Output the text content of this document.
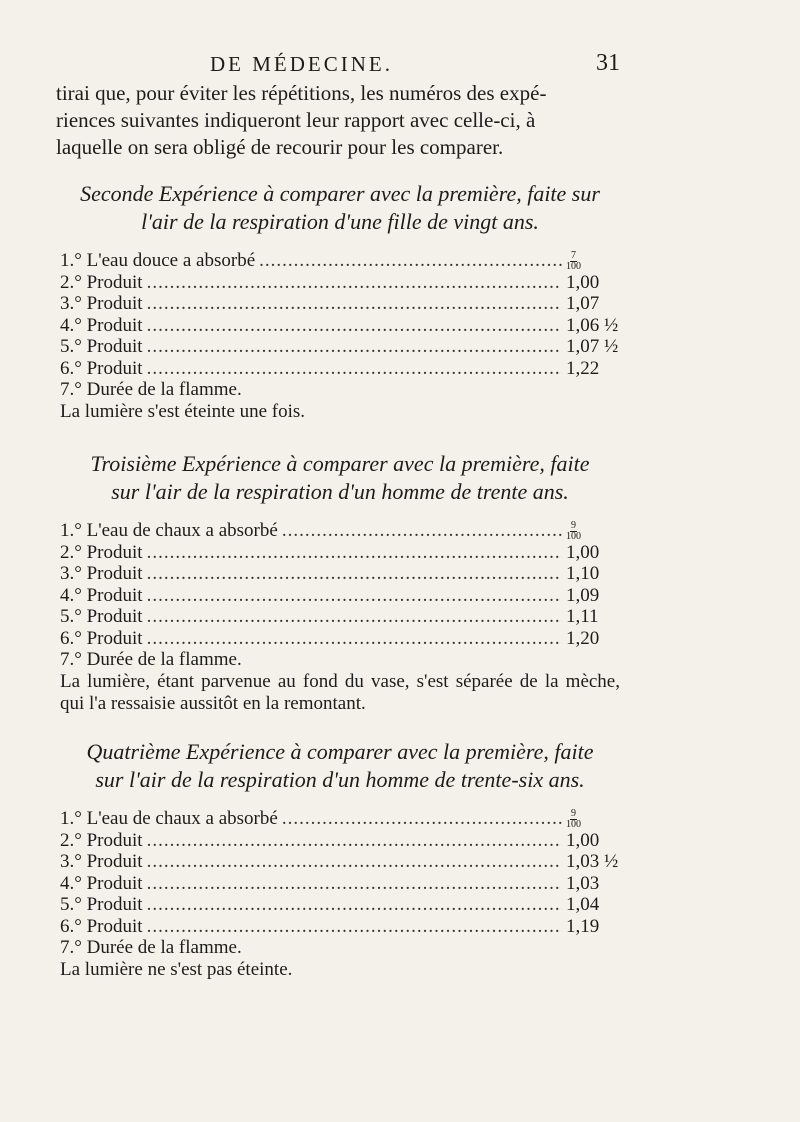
DE MÉDECINE.	31
tirai que, pour éviter les répétitions, les numéros des expé-
riences suivantes indiqueront leur rapport avec celle-ci, à
laquelle on sera obligé de recourir pour les comparer.
Seconde Expérience à comparer avec la première, faite sur
l'air de la respiration d'une fille de vingt ans.
1.° L'eau douce a absorbé .....	$\frac{7}{100}$
2.° Produit .....	1,00
3.° Produit .....	1,07
4.° Produit .....	1,06 ½
5.° Produit .....	1,07 ½
6.° Produit .....	1,22
7.° Durée de la flamme.
La lumière s'est éteinte une fois.
Troisième Expérience à comparer avec la première, faite
sur l'air de la respiration d'un homme de trente ans.
1.° L'eau de chaux a absorbé .....	$\frac{9}{100}$
2.° Produit .....	1,00
3.° Produit .....	1,10
4.° Produit .....	1,09
5.° Produit .....	1,11
6.° Produit .....	1,20
7.° Durée de la flamme.
La lumière, étant parvenue au fond du vase, s'est séparée de la mèche, qui l'a ressaisie aussitôt en la remontant.
Quatrième Expérience à comparer avec la première, faite
sur l'air de la respiration d'un homme de trente-six ans.
1.° L'eau de chaux a absorbé .....	$\frac{9}{100}$
2.° Produit .....	1,00
3.° Produit .....	1,03 ½
4.° Produit .....	1,03
5.° Produit .....	1,04
6.° Produit .....	1,19
7.° Durée de la flamme.
La lumière ne s'est pas éteinte.
